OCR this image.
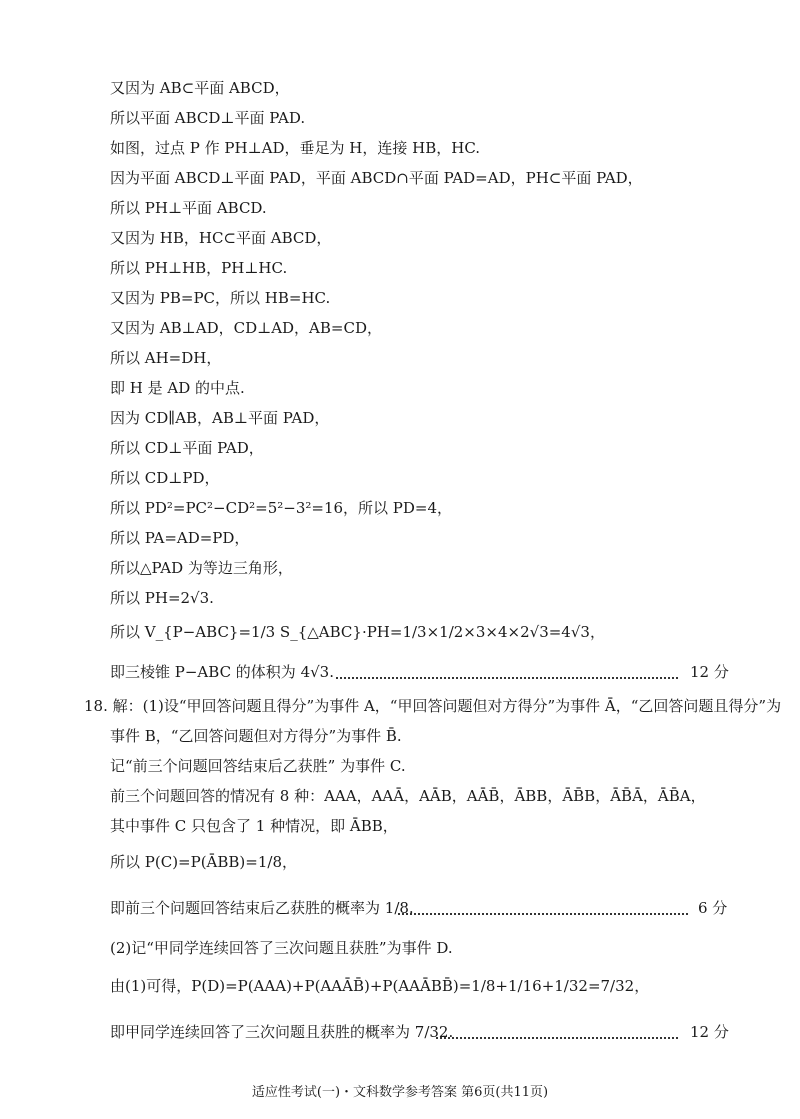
又因为 AB⊂平面 ABCD，
所以平面 ABCD⊥平面 PAD.
如图，过点 P 作 PH⊥AD，垂足为 H，连接 HB，HC.
因为平面 ABCD⊥平面 PAD，平面 ABCD∩平面 PAD=AD，PH⊂平面 PAD，
所以 PH⊥平面 ABCD.
又因为 HB，HC⊂平面 ABCD，
所以 PH⊥HB，PH⊥HC.
又因为 PB=PC，所以 HB=HC.
又因为 AB⊥AD，CD⊥AD，AB=CD，
所以 AH=DH，
即 H 是 AD 的中点.
因为 CD∥AB，AB⊥平面 PAD，
所以 CD⊥平面 PAD，
所以 CD⊥PD，
所以 PD²=PC²−CD²=5²−3²=16，所以 PD=4，
所以 PA=AD=PD，
所以△PAD 为等边三角形，
所以 PH=2√3.
所以 V_{P−ABC}=1/3 S_{△ABC}·PH=1/3×1/2×3×4×2√3=4√3，
即三棱锥 P−ABC 的体积为 4√3.	12 分
18. 解：(1)设“甲回答问题且得分”为事件 A，“甲回答问题但对方得分”为事件 Ā，“乙回答问题且得分”为
事件 B，“乙回答问题但对方得分”为事件 B̄.
记“前三个问题回答结束后乙获胜” 为事件 C.
前三个问题回答的情况有 8 种：AAA，AAĀ，AĀB，AĀB̄，ĀBB，ĀB̄B，ĀB̄Ā，ĀB̄A，
其中事件 C 只包含了 1 种情况，即 ĀBB，
所以 P(C)=P(ĀBB)=1/8，
即前三个问题回答结束后乙获胜的概率为 1/8.	6 分
(2)记“甲同学连续回答了三次问题且获胜”为事件 D.
由(1)可得，P(D)=P(AAA)+P(AAĀB̄)+P(AAĀBB̄)=1/8+1/16+1/32=7/32，
即甲同学连续回答了三次问题且获胜的概率为 7/32.	12 分
适应性考试(一)・文科数学参考答案 第6页(共11页)
